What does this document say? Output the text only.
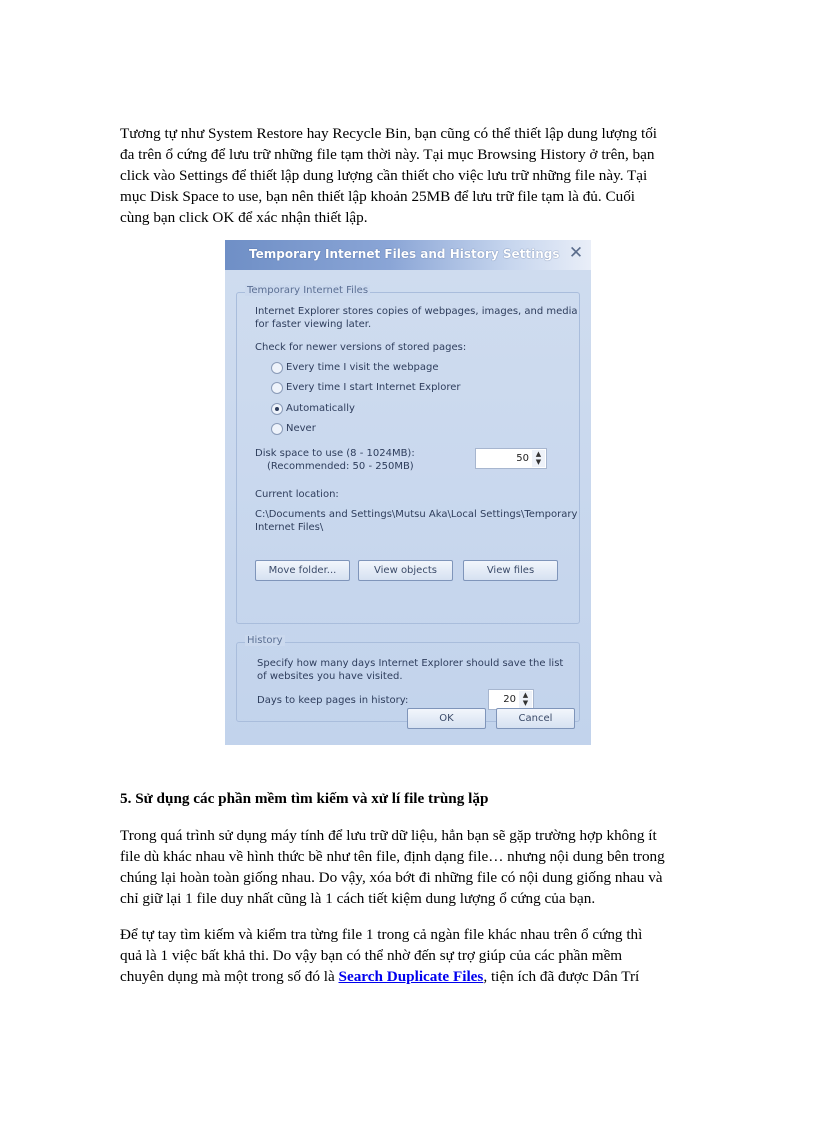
Tương tự như System Restore hay Recycle Bin, bạn cũng có thể thiết lập dung lượng tối
đa trên ổ cứng để lưu trữ những file tạm thời này. Tại mục Browsing History ở trên, bạn
click vào Settings để thiết lập dung lượng cần thiết cho việc lưu trữ những file này. Tại
mục Disk Space to use, bạn nên thiết lập khoản 25MB để lưu trữ file tạm là đủ. Cuối
cùng bạn click OK để xác nhận thiết lập.
Temporary Internet Files and History Settings ✕
Temporary Internet Files
Internet Explorer stores copies of webpages, images, and media
for faster viewing later.
Check for newer versions of stored pages:
Every time I visit the webpage
Every time I start Internet Explorer
Automatically
Never
Disk space to use (8 - 1024MB):
(Recommended: 50 - 250MB)
50 ▲
▼
Current location:
C:\Documents and Settings\Mutsu Aka\Local Settings\Temporary
Internet Files\
Move folder...	View objects	View files
History
Specify how many days Internet Explorer should save the list
of websites you have visited.
Days to keep pages in history:	20 ▲
▼
OK	Cancel
5. Sử dụng các phần mềm tìm kiếm và xử lí file trùng lặp
Trong quá trình sử dụng máy tính để lưu trữ dữ liệu, hẳn bạn sẽ gặp trường hợp không ít
file dù khác nhau về hình thức bề như tên file, định dạng file… nhưng nội dung bên trong
chúng lại hoàn toàn giống nhau. Do vậy, xóa bớt đi những file có nội dung giống nhau và
chỉ giữ lại 1 file duy nhất cũng là 1 cách tiết kiệm dung lượng ổ cứng của bạn.
Để tự tay tìm kiếm và kiểm tra từng file 1 trong cả ngàn file khác nhau trên ổ cứng thì
quả là 1 việc bất khả thi. Do vậy bạn có thể nhờ đến sự trợ giúp của các phần mềm
chuyên dụng mà một trong số đó là Search Duplicate Files, tiện ích đã được Dân Trí
